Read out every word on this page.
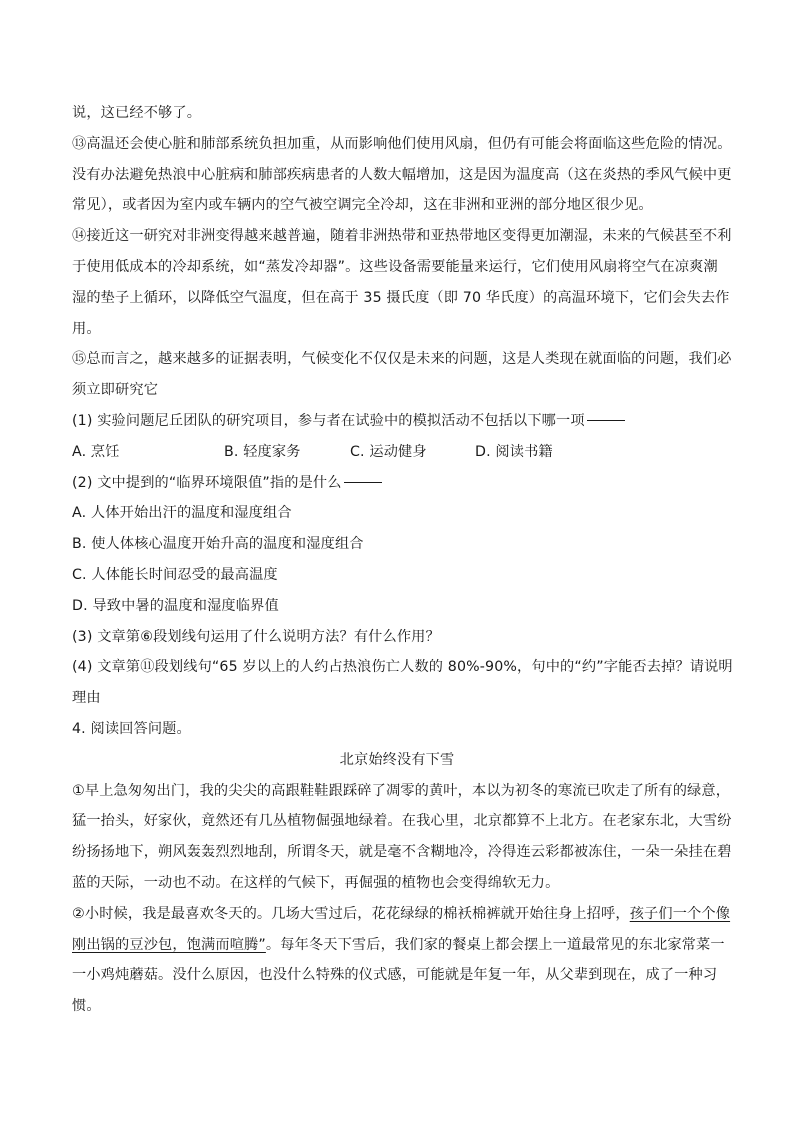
说，这已经不够了。
⑬高温还会使心脏和肺部系统负担加重，从而影响他们使用风扇，但仍有可能会将面临这些危险的情况。
没有办法避免热浪中心脏病和肺部疾病患者的人数大幅增加，这是因为温度高（这在炎热的季风气候中更
常见），或者因为室内或车辆内的空气被空调完全冷却，这在非洲和亚洲的部分地区很少见。
⑭接近这一研究对非洲变得越来越普遍，随着非洲热带和亚热带地区变得更加潮湿，未来的气候甚至不利
于使用低成本的冷却系统，如“蒸发冷却器”。这些设备需要能量来运行，它们使用风扇将空气在凉爽潮
湿的垫子上循环，以降低空气温度，但在高于 35 摄氏度（即 70 华氏度）的高温环境下，它们会失去作
用。
⑮总而言之，越来越多的证据表明，气候变化不仅仅是未来的问题，这是人类现在就面临的问题，我们必
须立即研究它
(1) 实验问题尼丘团队的研究项目，参与者在试验中的模拟活动不包括以下哪一项
A. 烹饪	B. 轻度家务	C. 运动健身	D. 阅读书籍
(2) 文中提到的“临界环境限值”指的是什么
A. 人体开始出汗的温度和湿度组合
B. 使人体核心温度开始升高的温度和湿度组合
C. 人体能长时间忍受的最高温度
D. 导致中暑的温度和湿度临界值
(3) 文章第⑥段划线句运用了什么说明方法？有什么作用？
(4) 文章第⑪段划线句“65 岁以上的人约占热浪伤亡人数的 80%-90%，句中的“约”字能否去掉？请说明
理由
4. 阅读回答问题。
北京始终没有下雪
①早上急匆匆出门，我的尖尖的高跟鞋鞋跟踩碎了凋零的黄叶，本以为初冬的寒流已吹走了所有的绿意，
猛一抬头，好家伙，竟然还有几丛植物倔强地绿着。在我心里，北京都算不上北方。在老家东北，大雪纷
纷扬扬地下，朔风轰轰烈烈地刮，所谓冬天，就是毫不含糊地冷，冷得连云彩都被冻住，一朵一朵挂在碧
蓝的天际，一动也不动。在这样的气候下，再倔强的植物也会变得绵软无力。
②小时候，我是最喜欢冬天的。几场大雪过后，花花绿绿的棉袄棉裤就开始往身上招呼，孩子们一个个像
刚出锅的豆沙包，饱满而喧腾”。每年冬天下雪后，我们家的餐桌上都会摆上一道最常见的东北家常菜一
一小鸡炖蘑菇。没什么原因，也没什么特殊的仪式感，可能就是年复一年，从父辈到现在，成了一种习
惯。
